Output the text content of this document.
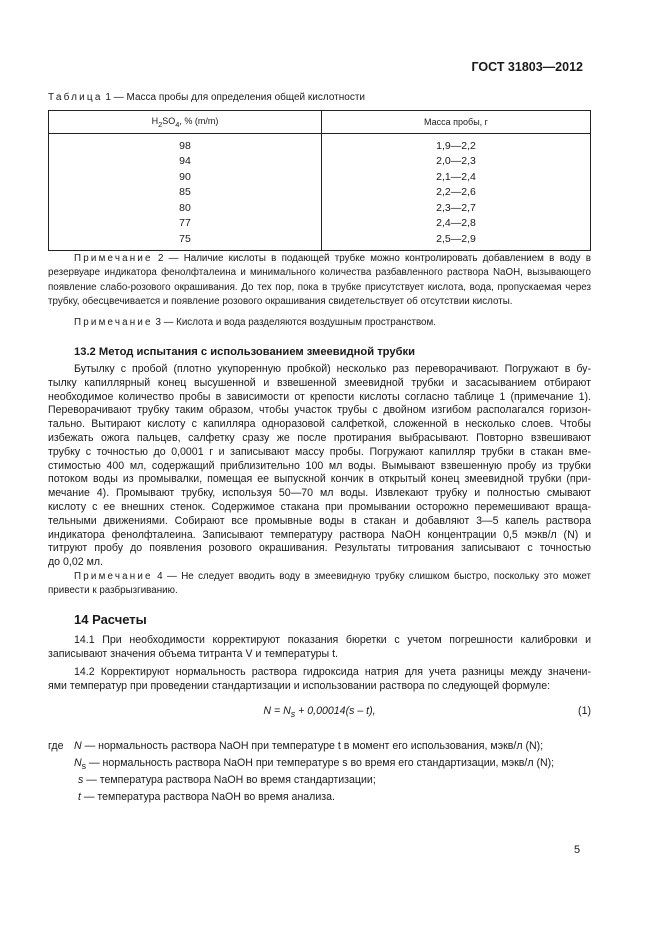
ГОСТ 31803—2012
Таблица 1 — Масса пробы для определения общей кислотности
$H_2SO_4$, % (m/m)	Масса пробы, г
98	1,9—2,2
94	2,0—2,3
90	2,1—2,4
85	2,2—2,6
80	2,3—2,7
77	2,4—2,8
75	2,5—2,9
Примечание 2 — Наличие кислоты в подающей трубке можно контролировать добавлением в воду в
резервуаре индикатора фенолфталеина и минимального количества разбавленного раствора NaOH, вызывающего
появление слабо-розового окрашивания. До тех пор, пока в трубке присутствует кислота, вода, пропускаемая через
трубку, обесцвечивается и появление розового окрашивания свидетельствует об отсутствии кислоты.
Примечание 3 — Кислота и вода разделяются воздушным пространством.
13.2 Метод испытания с использованием змеевидной трубки
Бутылку с пробой (плотно укупоренную пробкой) несколько раз переворачивают. Погружают в бу-
тылку капиллярный конец высушенной и взвешенной змеевидной трубки и засасыванием отбирают
необходимое количество пробы в зависимости от крепости кислоты согласно таблице 1 (примечание 1).
Переворачивают трубку таким образом, чтобы участок трубы с двойном изгибом располагался горизон-
тально. Вытирают кислоту с капилляра одноразовой салфеткой, сложенной в несколько слоев. Чтобы
избежать ожога пальцев, салфетку сразу же после протирания выбрасывают. Повторно взвешивают
трубку с точностью до 0,0001 г и записывают массу пробы. Погружают капилляр трубки в стакан вме-
стимостью 400 мл, содержащий приблизительно 100 мл воды. Вымывают взвешенную пробу из трубки
потоком воды из промывалки, помещая ее выпускной кончик в открытый конец змеевидной трубки (при-
мечание 4). Промывают трубку, используя 50—70 мл воды. Извлекают трубку и полностью смывают
кислоту с ее внешних стенок. Содержимое стакана при промывании осторожно перемешивают враща-
тельными движениями. Собирают все промывные воды в стакан и добавляют 3—5 капель раствора
индикатора фенолфталеина. Записывают температуру раствора NaOH концентрации 0,5 мэкв/л (N) и
титруют пробу до появления розового окрашивания. Результаты титрования записывают с точностью
до 0,02 мл.
Примечание 4 — Не следует вводить воду в змеевидную трубку слишком быстро, поскольку это может
привести к разбрызгиванию.
14 Расчеты
14.1 При необходимости корректируют показания бюретки с учетом погрешности калибровки и
записывают значения объема титранта V и температуры t.
14.2 Корректируют нормальность раствора гидроксида натрия для учета разницы между значени-
ями температур при проведении стандартизации и использовании раствора по следующей формуле:
$N = N_s + 0,00014(s - t)$,	(1)
где N — нормальность раствора NaOH при температуре t в момент его использования, мэкв/л (N);
$N_s$ — нормальность раствора NaOH при температуре s во время его стандартизации, мэкв/л (N);
s — температура раствора NaOH во время стандартизации;
t — температура раствора NaOH во время анализа.
5
